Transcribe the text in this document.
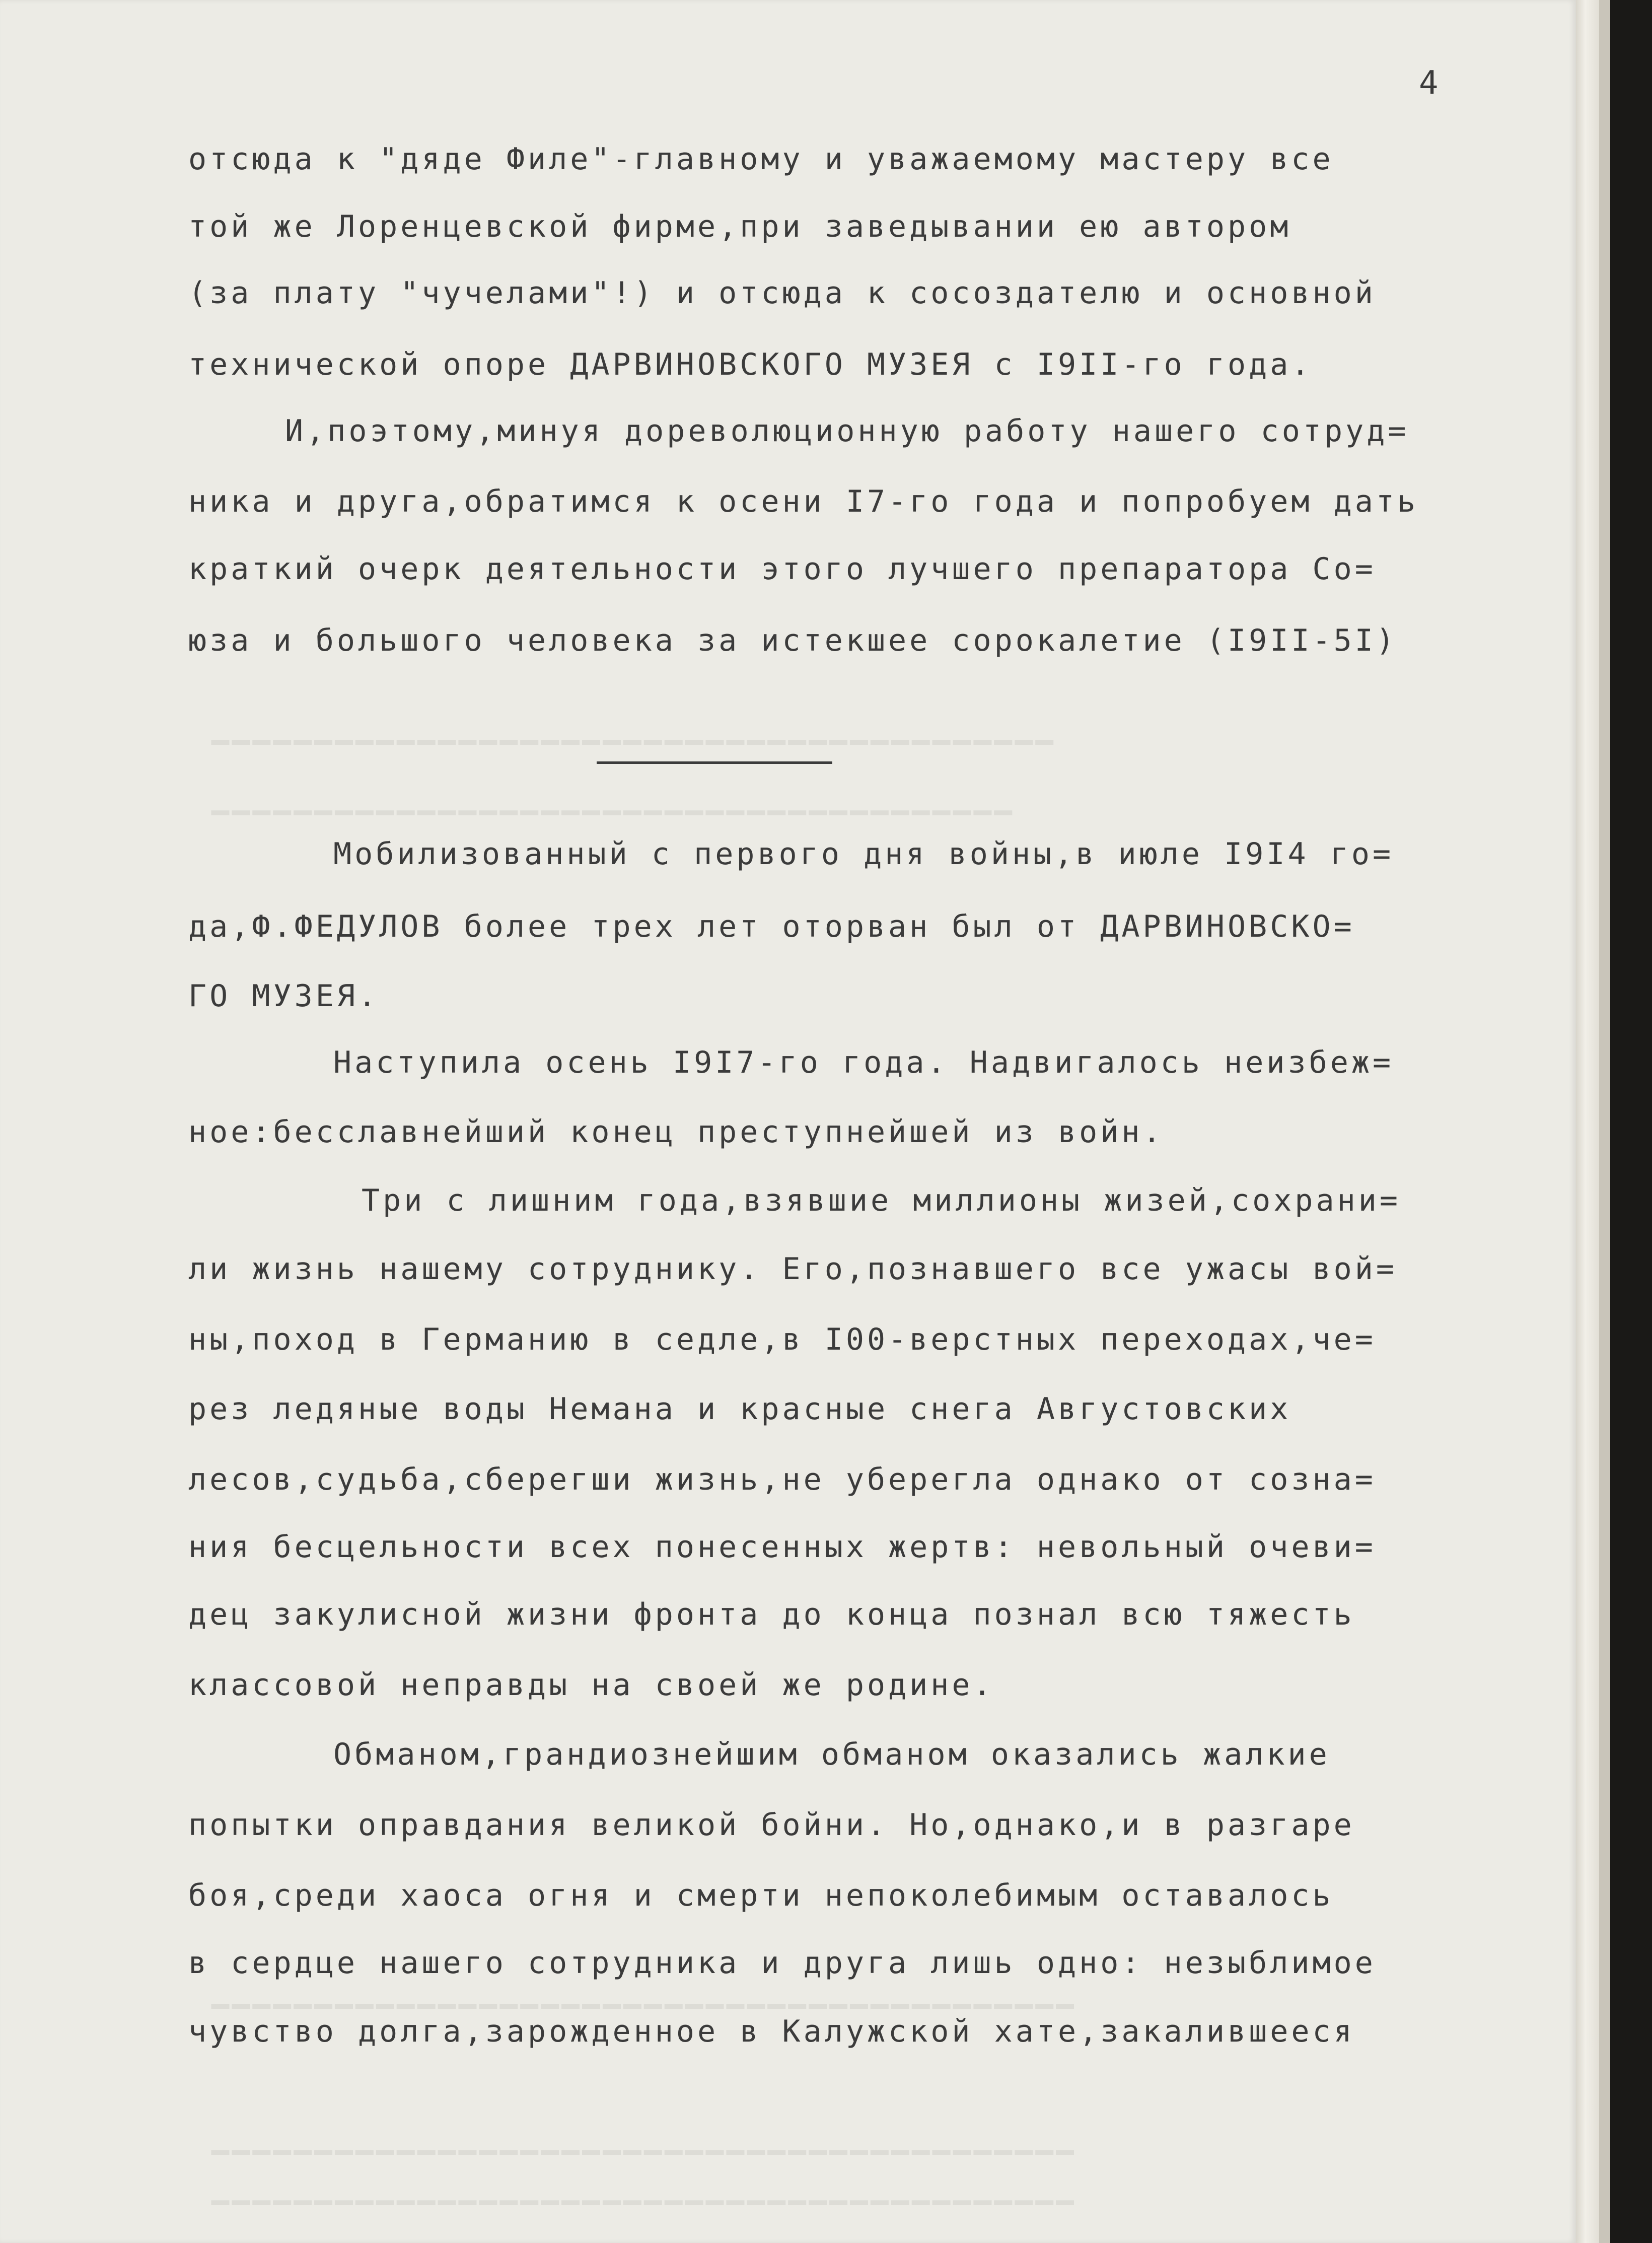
━━━━━━━━━━━━━━━━━━━━━━━━━━━━━━━━━━━━━━━━━
━━━━━━━━━━━━━━━━━━━━━━━━━━━━━━━━━━━━━━━
━━━━━━━━━━━━━━━━━━━━━━━━━━━━━━━━━━━━━━━━━━
━━━━━━━━━━━━━━━━━━━━━━━━━━━━━━━━━━━━━━━━━━
━━━━━━━━━━━━━━━━━━━━━━━━━━━━━━━━━━━━━━━━━━
4
отсюда к "дяде Филе"-главному и уважаемому мастеру все
той же Лоренцевской фирме,при заведывании ею автором
(за плату "чучелами"!) и отсюда к сосоздателю и основной
технической опоре ДАРВИНОВСКОГО МУЗЕЯ с I9II-го года.
И,поэтому,минуя дореволюционную работу нашего сотруд=
ника и друга,обратимся к осени I7-го года и попробуем дать
краткий очерк деятельности этого лучшего препаратора Со=
юза и большого человека за истекшее сорокалетие (I9II-5I)
Мобилизованный с первого дня войны,в июле I9I4 го=
да,Ф.ФЕДУЛОВ более трех лет оторван был от ДАРВИНОВСКО=
ГО МУЗЕЯ.
Наступила осень I9I7-го года. Надвигалось неизбеж=
ное:бесславнейший конец преступнейшей из войн.
Три с лишним года,взявшие миллионы жизей,сохрани=
ли жизнь нашему сотруднику. Его,познавшего все ужасы вой=
ны,поход в Германию в седле,в I00-верстных переходах,че=
рез ледяные воды Немана и красные снега Августовских
лесов,судьба,сберегши жизнь,не уберегла однако от созна=
ния бесцельности всех понесенных жертв: невольный очеви=
дец закулисной жизни фронта до конца познал всю тяжесть
классовой неправды на своей же родине.
Обманом,грандиознейшим обманом оказались жалкие
попытки оправдания великой бойни. Но,однако,и в разгаре
боя,среди хаоса огня и смерти непоколебимым оставалось
в сердце нашего сотрудника и друга лишь одно: незыблимое
чувство долга,зарожденное в Калужской хате,закалившееся
